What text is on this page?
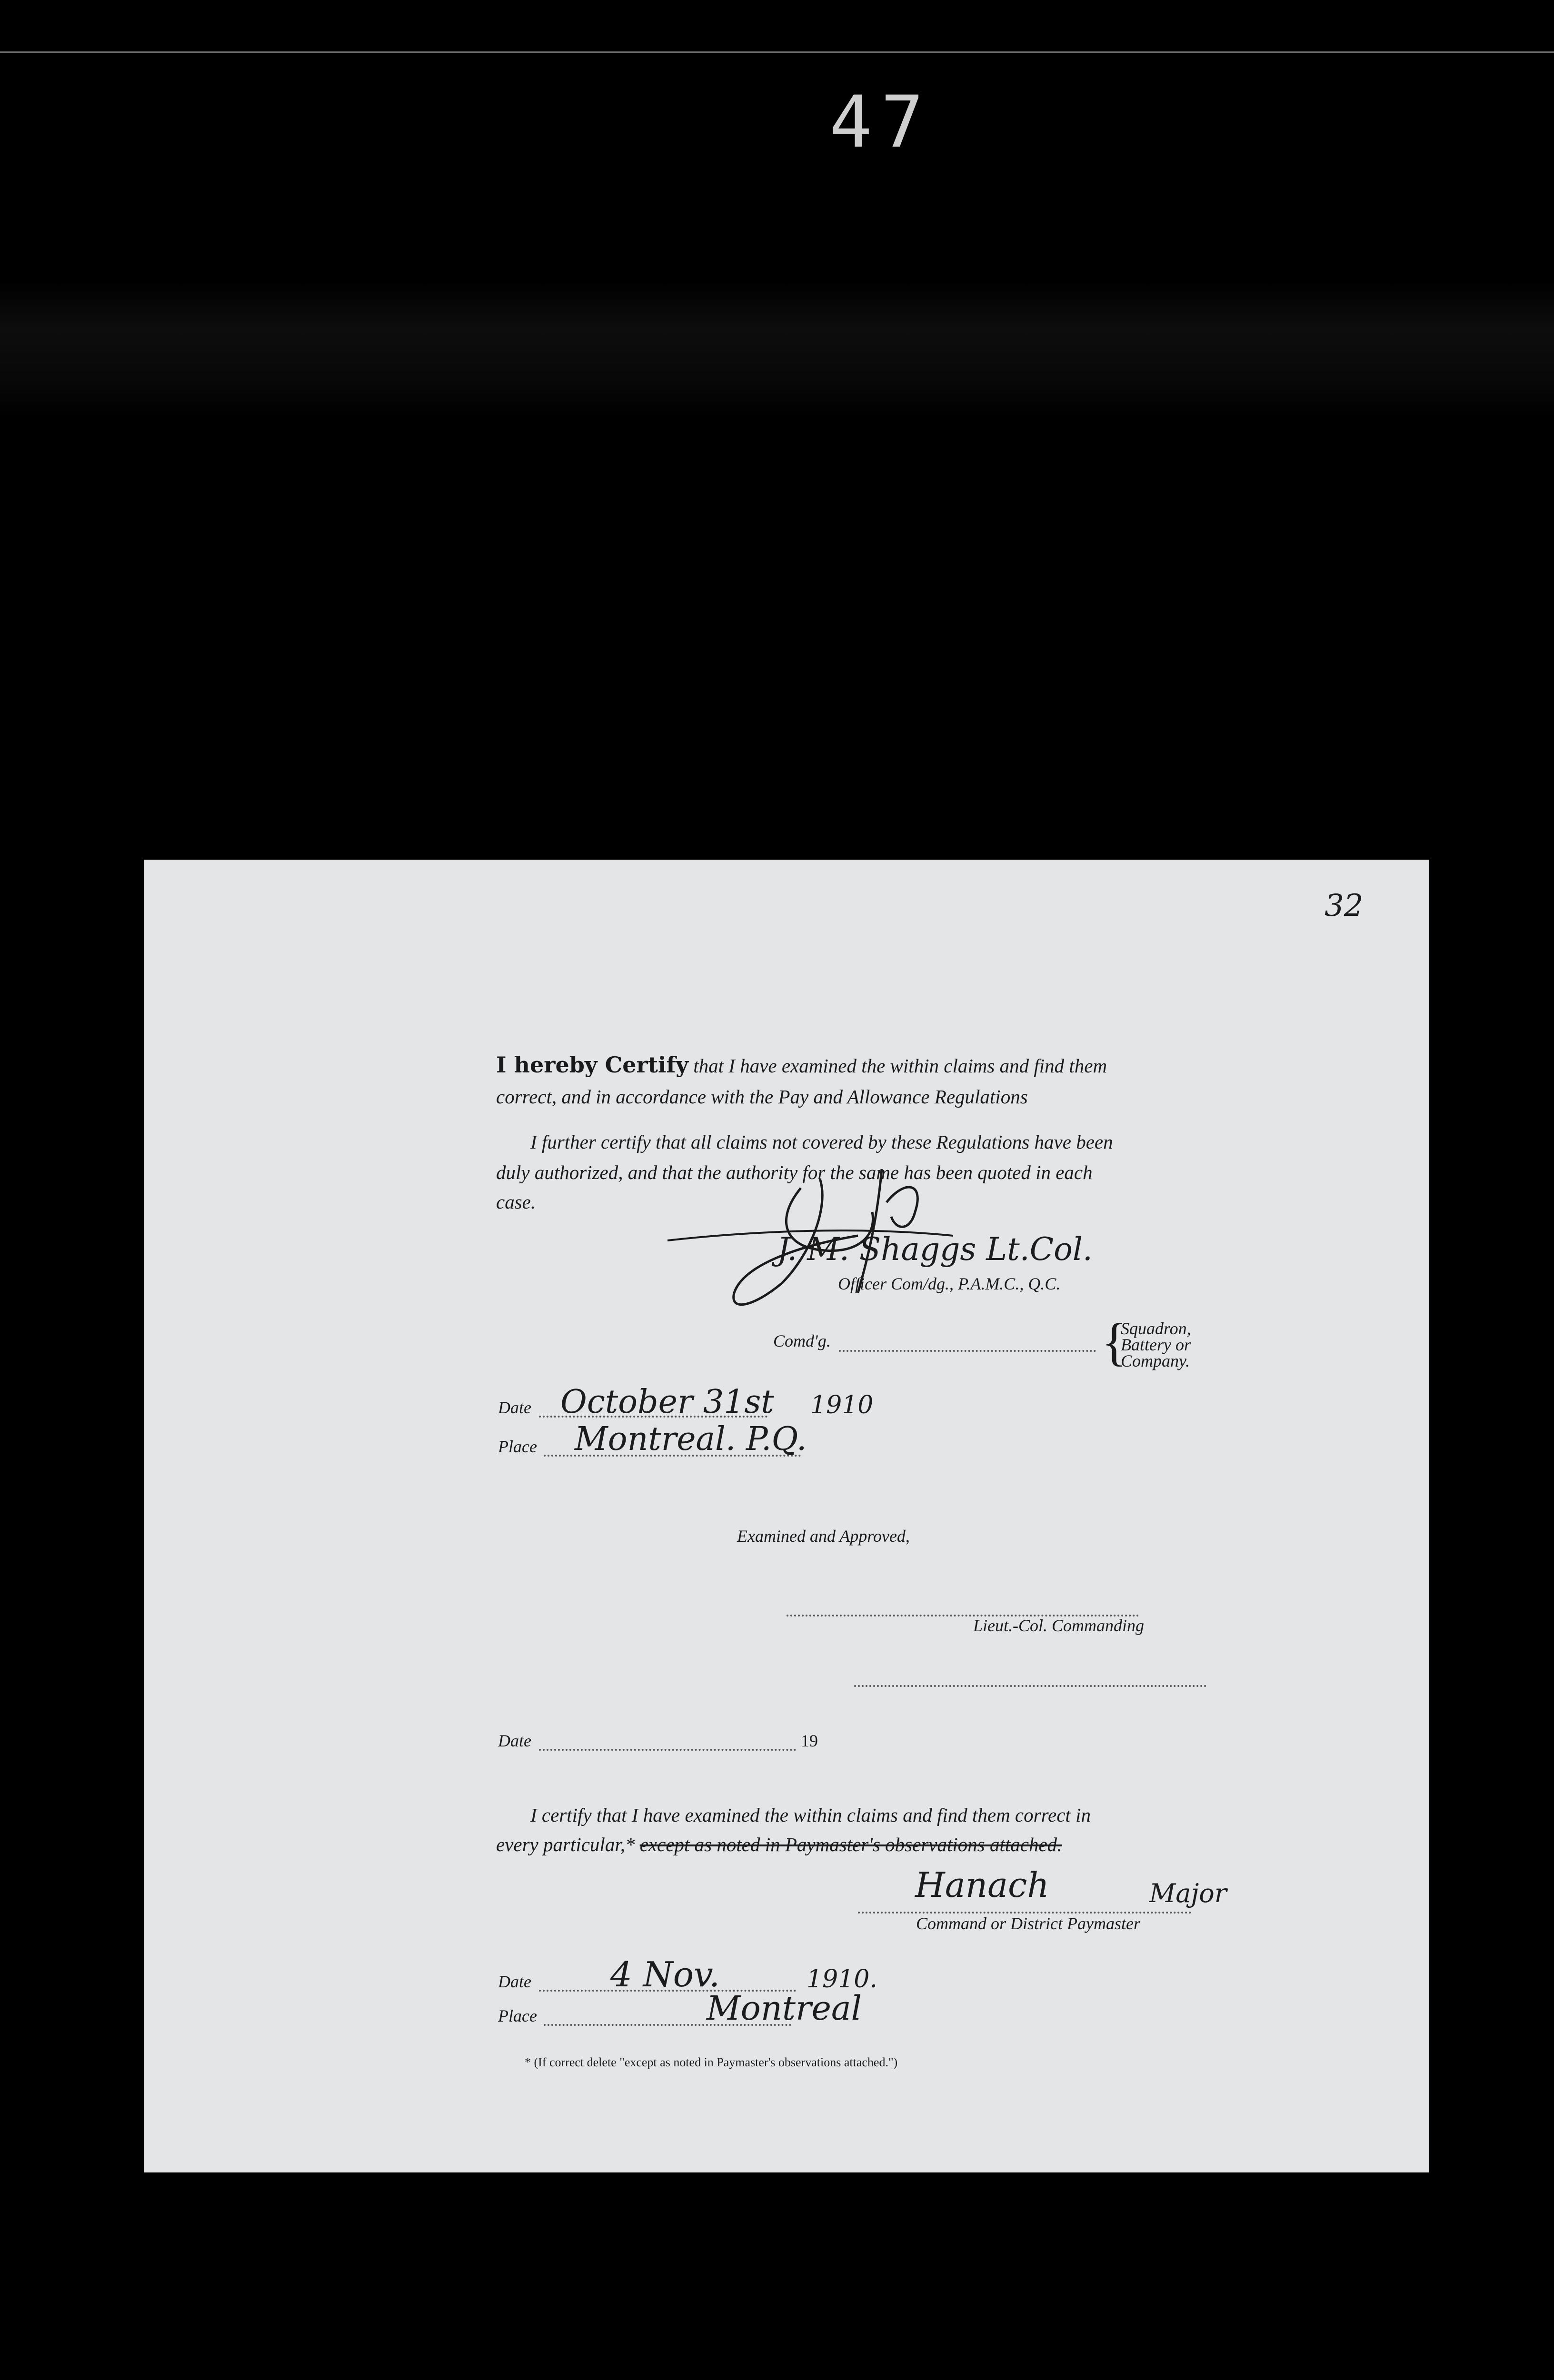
47
32
I hereby Certify that I have examined the within claims and find them
correct, and in accordance with the Pay and Allowance Regulations
I further certify that all claims not covered by these Regulations have been
duly authorized, and that the authority for the same has been quoted in each
case.
J. M. Shaggs Lt.Col.
Officer Com/dg., P.A.M.C., Q.C.
Comd'g.	{
Squadron,
Battery or
Company.
Date October 31st 1910
Place Montreal. P.Q.
Examined and Approved,
Lieut.-Col. Commanding
Date	19
I certify that I have examined the within claims and find them correct in
every particular,* except as noted in Paymaster's observations attached.
Hanach	Major
Command or District Paymaster
Date 4 Nov.	1910.
Place	Montreal
* (If correct delete "except as noted in Paymaster's observations attached.")
